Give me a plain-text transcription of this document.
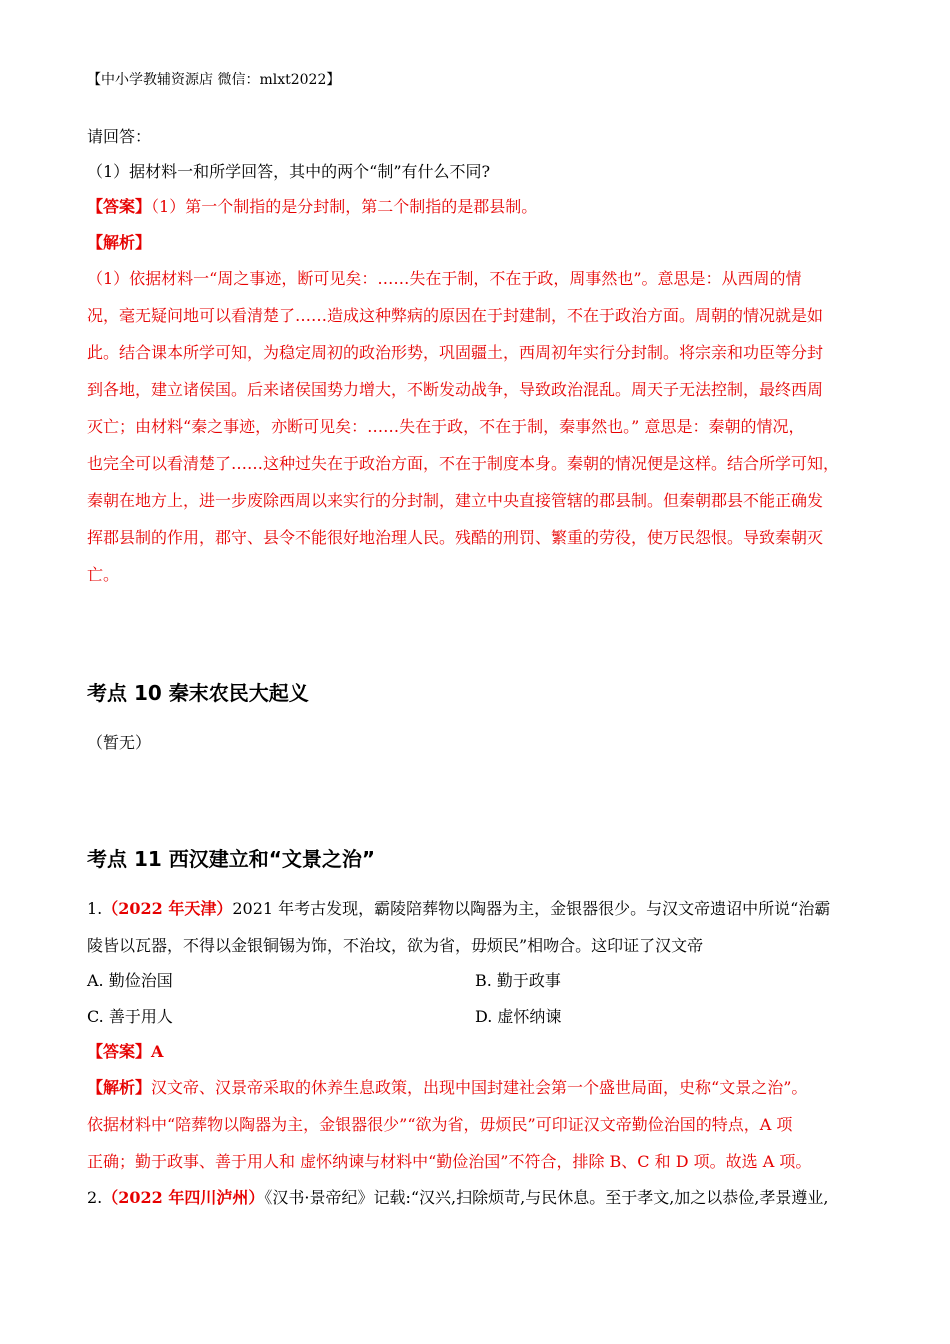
【中小学教辅资源店 微信：mlxt2022】
请回答：
（1）据材料一和所学回答，其中的两个“制”有什么不同?
【答案】（1）第一个制指的是分封制，第二个制指的是郡县制。
【解析】
（1）依据材料一“周之事迹，断可见矣：……失在于制，不在于政，周事然也”。意思是：从西周的情
况，毫无疑问地可以看清楚了……造成这种弊病的原因在于封建制，不在于政治方面。周朝的情况就是如
此。结合课本所学可知，为稳定周初的政治形势，巩固疆土，西周初年实行分封制。将宗亲和功臣等分封
到各地，建立诸侯国。后来诸侯国势力增大，不断发动战争，导致政治混乱。周天子无法控制，最终西周
灭亡；由材料“秦之事迹，亦断可见矣：……失在于政，不在于制，秦事然也。” 意思是：秦朝的情况，
也完全可以看清楚了……这种过失在于政治方面，不在于制度本身。秦朝的情况便是这样。结合所学可知，
秦朝在地方上，进一步废除西周以来实行的分封制，建立中央直接管辖的郡县制。但秦朝郡县不能正确发
挥郡县制的作用，郡守、县令不能很好地治理人民。残酷的刑罚、繁重的劳役，使万民怨恨。导致秦朝灭
亡。
考点 10 秦末农民大起义
（暂无）
考点 11 西汉建立和“文景之治”
1.（2022 年天津）2021 年考古发现，霸陵陪葬物以陶器为主，金银器很少。与汉文帝遗诏中所说“治霸
陵皆以瓦器，不得以金银铜锡为饰，不治坟，欲为省，毋烦民”相吻合。这印证了汉文帝
A. 勤俭治国	B. 勤于政事
C. 善于用人	D. 虚怀纳谏
【答案】A
【解析】汉文帝、汉景帝采取的休养生息政策，出现中国封建社会第一个盛世局面，史称“文景之治”。
依据材料中“陪葬物以陶器为主，金银器很少”“欲为省，毋烦民”可印证汉文帝勤俭治国的特点，A 项
正确；勤于政事、善于用人和 虚怀纳谏与材料中“勤俭治国”不符合，排除 B、C 和 D 项。故选 A 项。
2.（2022 年四川泸州）《汉书·景帝纪》记载:“汉兴,扫除烦苛,与民休息。至于孝文,加之以恭俭,孝景遵业,
